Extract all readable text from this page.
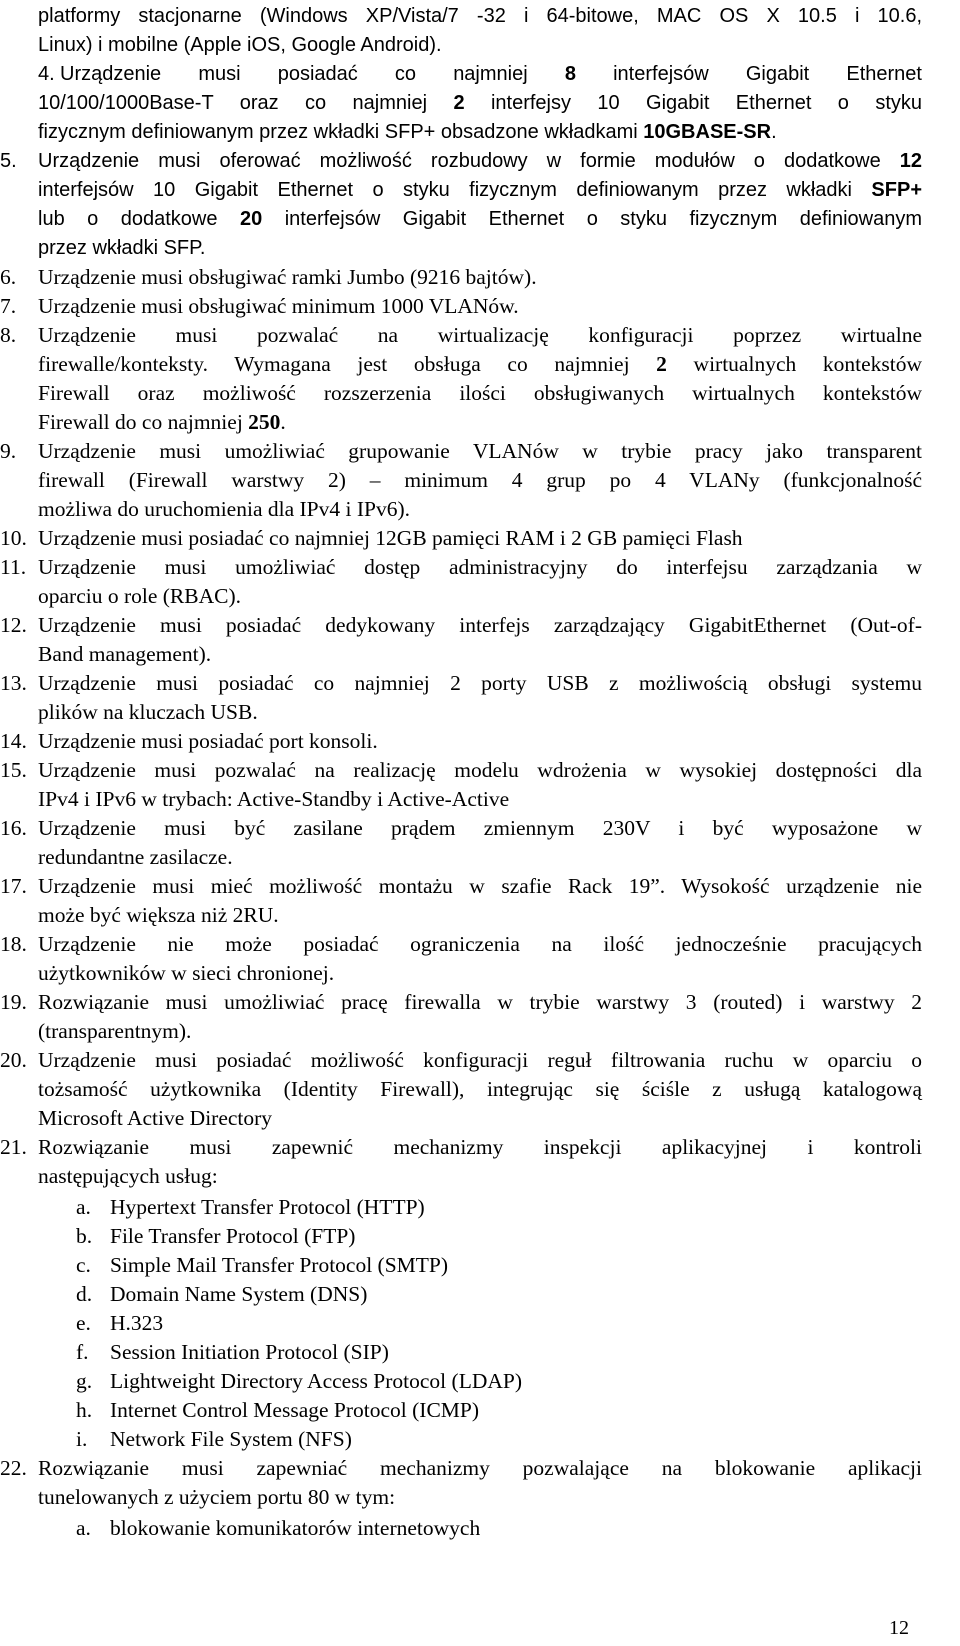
platformy stacjonarne (Windows XP/Vista/7 -32 i 64-bitowe, MAC OS X 10.5 i 10.6,
Linux) i mobilne (Apple iOS, Google Android).
4. Urządzenie musi posiadać co najmniej 8 interfejsów Gigabit Ethernet
10/100/1000Base-T oraz co najmniej 2 interfejsy 10 Gigabit Ethernet o styku
fizycznym definiowanym przez wkładki SFP+ obsadzone wkładkami 10GBASE-SR.
5. Urządzenie musi oferować możliwość rozbudowy w formie modułów o dodatkowe 12
interfejsów 10 Gigabit Ethernet o styku fizycznym definiowanym przez wkładki SFP+
lub o dodatkowe 20 interfejsów Gigabit Ethernet o styku fizycznym definiowanym
przez wkładki SFP.
6. Urządzenie musi obsługiwać ramki Jumbo (9216 bajtów).
7. Urządzenie musi obsługiwać minimum 1000 VLANów.
8. Urządzenie musi pozwalać na wirtualizację konfiguracji poprzez wirtualne
firewalle/konteksty. Wymagana jest obsługa co najmniej 2 wirtualnych kontekstów
Firewall oraz możliwość rozszerzenia ilości obsługiwanych wirtualnych kontekstów
Firewall do co najmniej 250.
9. Urządzenie musi umożliwiać grupowanie VLANów w trybie pracy jako transparent
firewall (Firewall warstwy 2) – minimum 4 grup po 4 VLANy (funkcjonalność
możliwa do uruchomienia dla IPv4 i IPv6).
10. Urządzenie musi posiadać co najmniej 12GB pamięci RAM i 2 GB pamięci Flash
11. Urządzenie musi umożliwiać dostęp administracyjny do interfejsu zarządzania w
oparciu o role (RBAC).
12. Urządzenie musi posiadać dedykowany interfejs zarządzający GigabitEthernet (Out-of-
Band management).
13. Urządzenie musi posiadać co najmniej 2 porty USB z możliwością obsługi systemu
plików na kluczach USB.
14. Urządzenie musi posiadać port konsoli.
15. Urządzenie musi pozwalać na realizację modelu wdrożenia w wysokiej dostępności dla
IPv4 i IPv6 w trybach: Active-Standby i Active-Active
16. Urządzenie musi być zasilane prądem zmiennym 230V i być wyposażone w
redundantne zasilacze.
17. Urządzenie musi mieć możliwość montażu w szafie Rack 19”. Wysokość urządzenie nie
może być większa niż 2RU.
18. Urządzenie nie może posiadać ograniczenia na ilość jednocześnie pracujących
użytkowników w sieci chronionej.
19. Rozwiązanie musi umożliwiać pracę firewalla w trybie warstwy 3 (routed) i warstwy 2
(transparentnym).
20. Urządzenie musi posiadać możliwość konfiguracji reguł filtrowania ruchu w oparciu o
tożsamość użytkownika (Identity Firewall), integrując się ściśle z usługą katalogową
Microsoft Active Directory
21. Rozwiązanie musi zapewnić mechanizmy inspekcji aplikacyjnej i kontroli
następujących usług:
a. Hypertext Transfer Protocol (HTTP)
b. File Transfer Protocol (FTP)
c. Simple Mail Transfer Protocol (SMTP)
d. Domain Name System (DNS)
e. H.323
f. Session Initiation Protocol (SIP)
g. Lightweight Directory Access Protocol (LDAP)
h. Internet Control Message Protocol (ICMP)
i. Network File System (NFS)
22. Rozwiązanie musi zapewniać mechanizmy pozwalające na blokowanie aplikacji
tunelowanych z użyciem portu 80 w tym:
a. blokowanie komunikatorów internetowych
12
